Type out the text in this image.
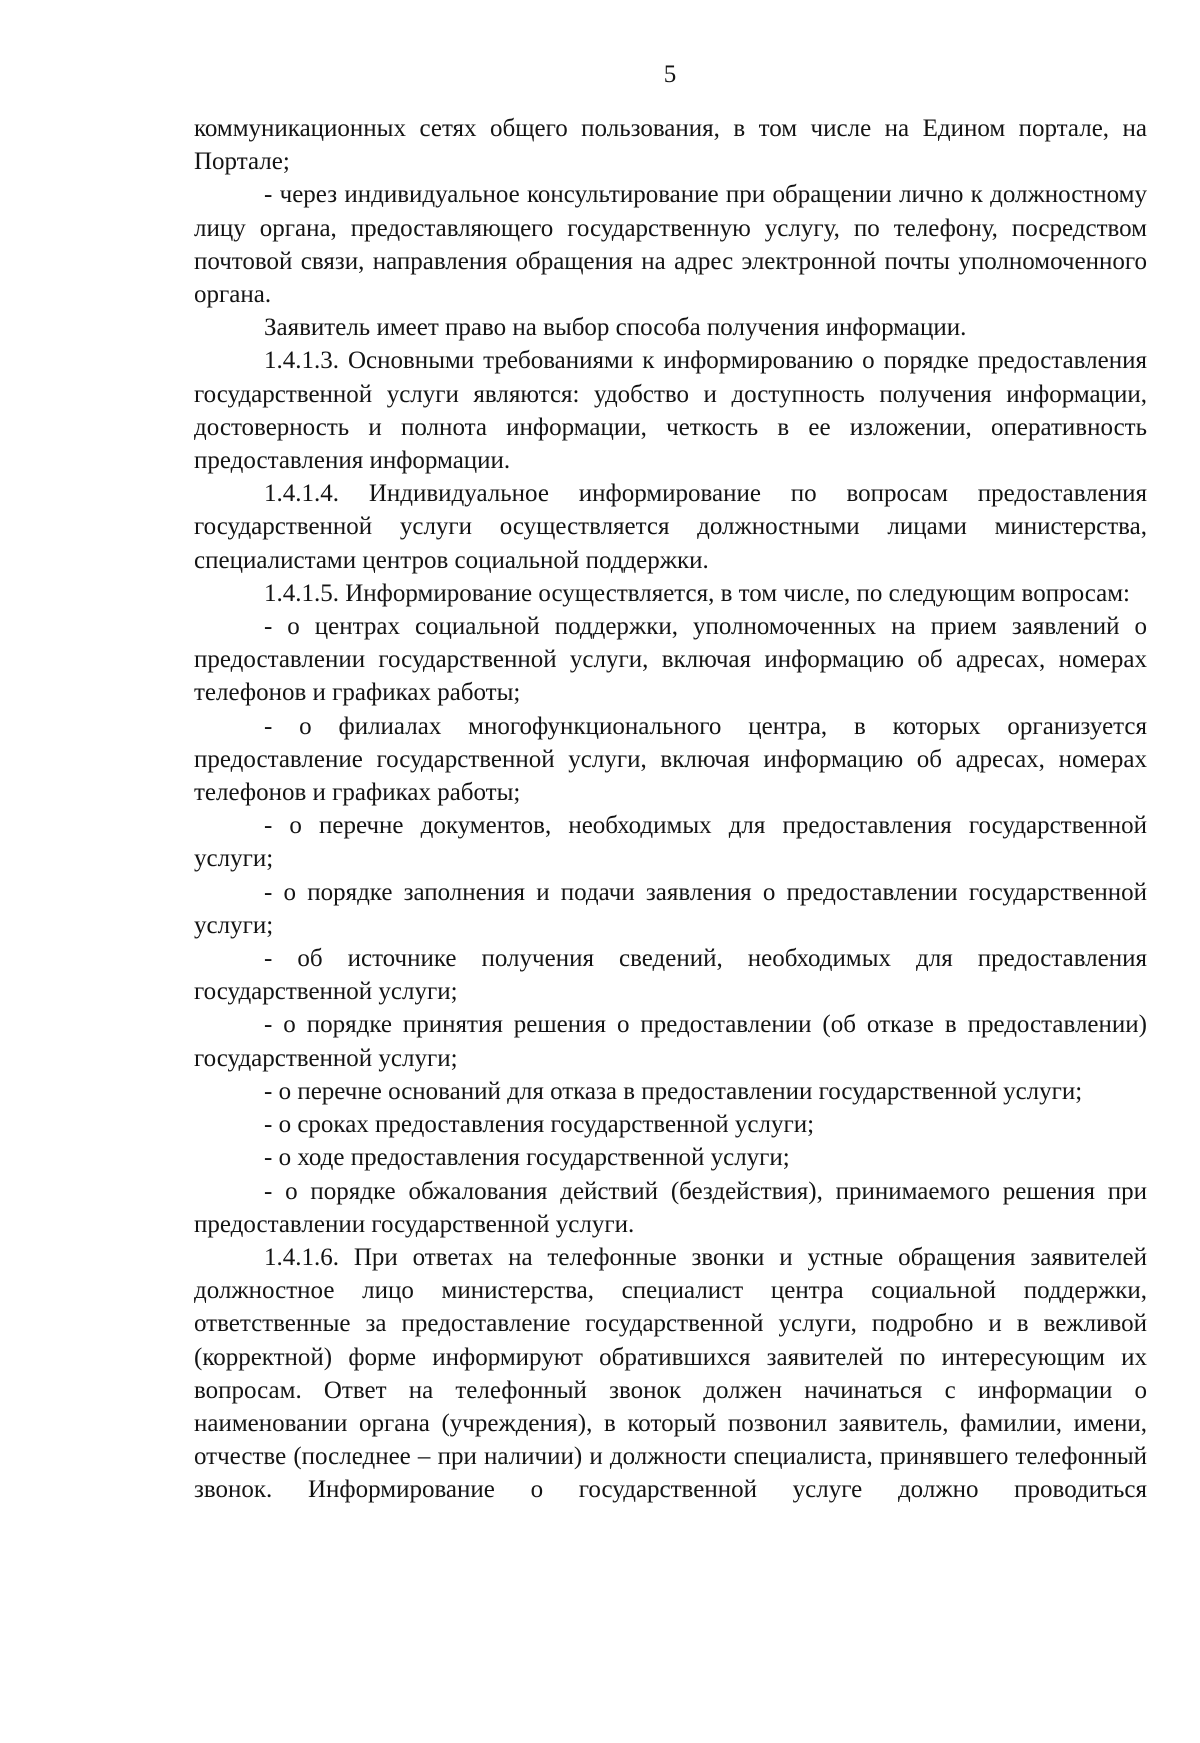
5

коммуникационных сетях общего пользования, в том числе на Едином портале, на Портале;

- через индивидуальное консультирование при обращении лично к должностному лицу органа, предоставляющего государственную услугу, по телефону, посредством почтовой связи, направления обращения на адрес электронной почты уполномоченного органа.

Заявитель имеет право на выбор способа получения информации.

1.4.1.3. Основными требованиями к информированию о порядке предоставления государственной услуги являются: удобство и доступность получения информации, достоверность и полнота информации, четкость в ее изложении, оперативность предоставления информации.

1.4.1.4. Индивидуальное информирование по вопросам предоставления государственной услуги осуществляется должностными лицами министерства, специалистами центров социальной поддержки.

1.4.1.5. Информирование осуществляется, в том числе, по следующим вопросам:

- о центрах социальной поддержки, уполномоченных на прием заявлений о предоставлении государственной услуги, включая информацию об адресах, номерах телефонов и графиках работы;

- о филиалах многофункционального центра, в которых организуется предоставление государственной услуги, включая информацию об адресах, номерах телефонов и графиках работы;

- о перечне документов, необходимых для предоставления государственной услуги;

- о порядке заполнения и подачи заявления о предоставлении государственной услуги;

- об источнике получения сведений, необходимых для предоставления государственной услуги;

- о порядке принятия решения о предоставлении (об отказе в предоставлении) государственной услуги;

- о перечне оснований для отказа в предоставлении государственной услуги;

- о сроках предоставления государственной услуги;

- о ходе предоставления государственной услуги;

- о порядке обжалования действий (бездействия), принимаемого решения при предоставлении государственной услуги.

1.4.1.6. При ответах на телефонные звонки и устные обращения заявителей должностное лицо министерства, специалист центра социальной поддержки, ответственные за предоставление государственной услуги, подробно и в вежливой (корректной) форме информируют обратившихся заявителей по интересующим их вопросам. Ответ на телефонный звонок должен начинаться с информации о наименовании органа (учреждения), в который позвонил заявитель, фамилии, имени, отчестве (последнее – при наличии) и должности специалиста, принявшего телефонный звонок. Информирование о государственной услуге должно проводиться
